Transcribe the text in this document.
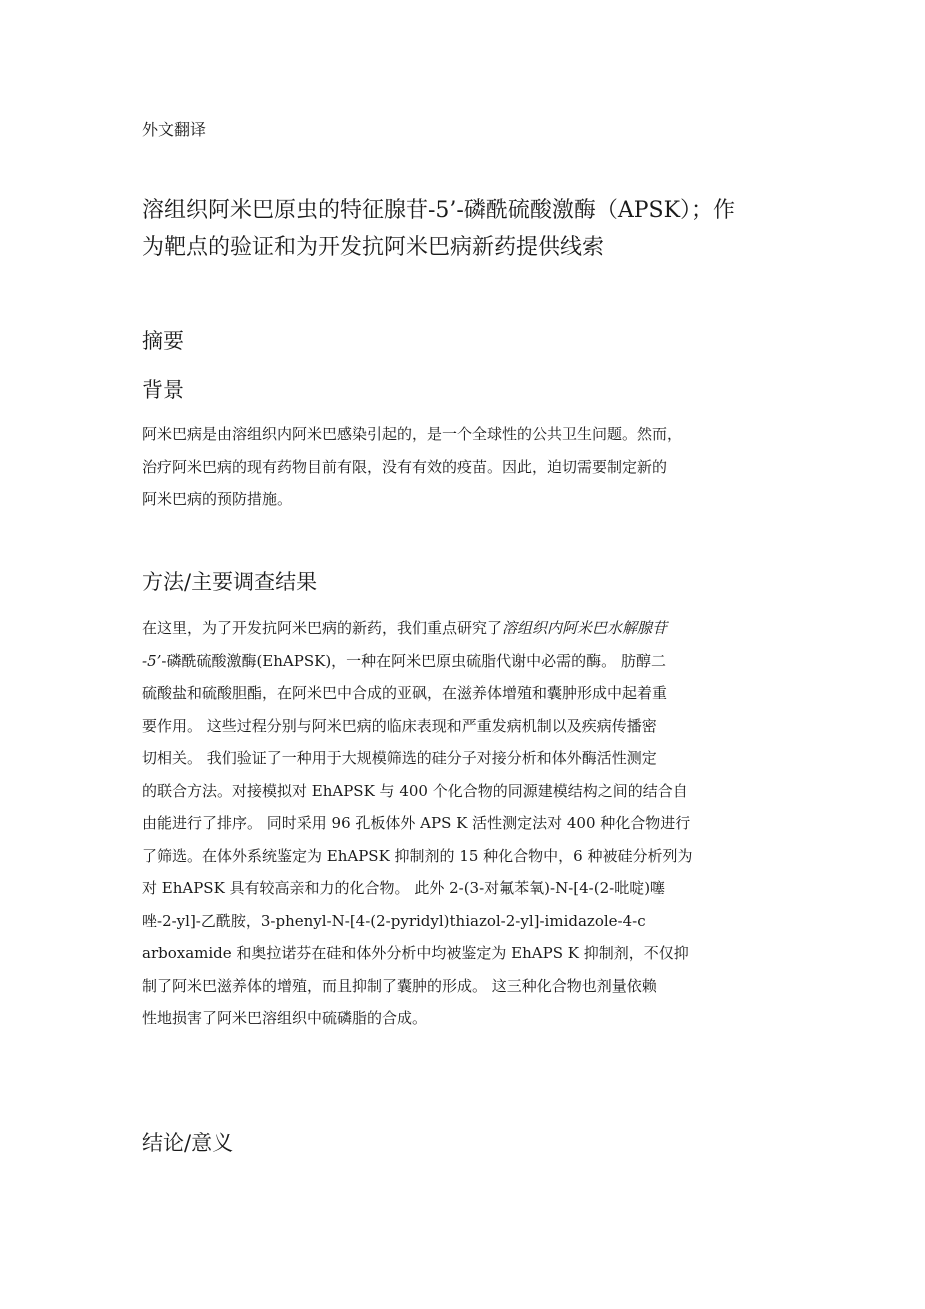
外文翻译
溶组织阿米巴原虫的特征腺苷-5’-磷酰硫酸激酶（APSK）；作
为靶点的验证和为开发抗阿米巴病新药提供线索
摘要
背景

阿米巴病是由溶组织内阿米巴感染引起的，是一个全球性的公共卫生问题。然而，
治疗阿米巴病的现有药物目前有限，没有有效的疫苗。因此，迫切需要制定新的
阿米巴病的预防措施。

方法/主要调查结果

在这里，为了开发抗阿米巴病的新药，我们重点研究了溶组织内阿米巴水解腺苷
-5’-磷酰硫酸激酶(EhAPSK)，一种在阿米巴原虫硫脂代谢中必需的酶。 肪醇二
硫酸盐和硫酸胆酯，在阿米巴中合成的亚砜，在滋养体增殖和囊肿形成中起着重
要作用。 这些过程分别与阿米巴病的临床表现和严重发病机制以及疾病传播密
切相关。 我们验证了一种用于大规模筛选的硅分子对接分析和体外酶活性测定
的联合方法。对接模拟对 EhAPSK 与 400 个化合物的同源建模结构之间的结合自
由能进行了排序。 同时采用 96 孔板体外 APS K 活性测定法对 400 种化合物进行
了筛选。在体外系统鉴定为 EhAPSK 抑制剂的 15 种化合物中，6 种被硅分析列为
对 EhAPSK 具有较高亲和力的化合物。 此外 2-(3-对氟苯氧)-N-[4-(2-吡啶)噻
唑-2-yl]-乙酰胺，3-phenyl-N-[4-(2-pyridyl)thiazol-2-yl]-imidazole-4-c
arboxamide 和奥拉诺芬在硅和体外分析中均被鉴定为 EhAPS K 抑制剂，不仅抑
制了阿米巴滋养体的增殖，而且抑制了囊肿的形成。 这三种化合物也剂量依赖
性地损害了阿米巴溶组织中硫磷脂的合成。

结论/意义
